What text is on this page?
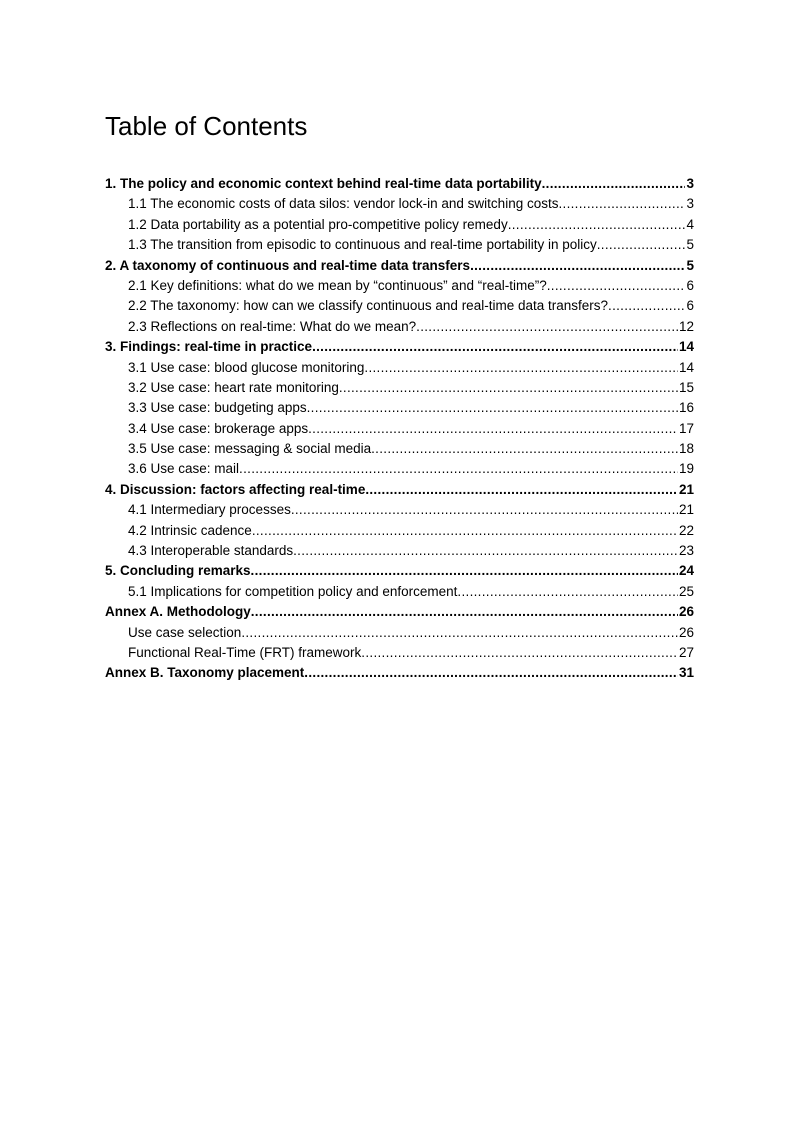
Table of Contents
1. The policy and economic context behind real-time data portability .....	3
1.1 The economic costs of data silos: vendor lock-in and switching costs .....	3
1.2 Data portability as a potential pro-competitive policy remedy .....	4
1.3 The transition from episodic to continuous and real-time portability in policy .....	5
2. A taxonomy of continuous and real-time data transfers .....	5
2.1 Key definitions: what do we mean by “continuous” and “real-time”? .....	6
2.2 The taxonomy: how can we classify continuous and real-time data transfers? .....	6
2.3 Reflections on real-time: What do we mean? .....	12
3. Findings: real-time in practice .....	14
3.1 Use case: blood glucose monitoring .....	14
3.2 Use case: heart rate monitoring .....	15
3.3 Use case: budgeting apps .....	16
3.4 Use case: brokerage apps .....	17
3.5 Use case: messaging & social media .....	18
3.6 Use case: mail .....	19
4. Discussion: factors affecting real-time .....	21
4.1 Intermediary processes .....	21
4.2 Intrinsic cadence .....	22
4.3 Interoperable standards .....	23
5. Concluding remarks .....	24
5.1 Implications for competition policy and enforcement .....	25
Annex A. Methodology .....	26
Use case selection .....	26
Functional Real-Time (FRT) framework .....	27
Annex B. Taxonomy placement .....	31
